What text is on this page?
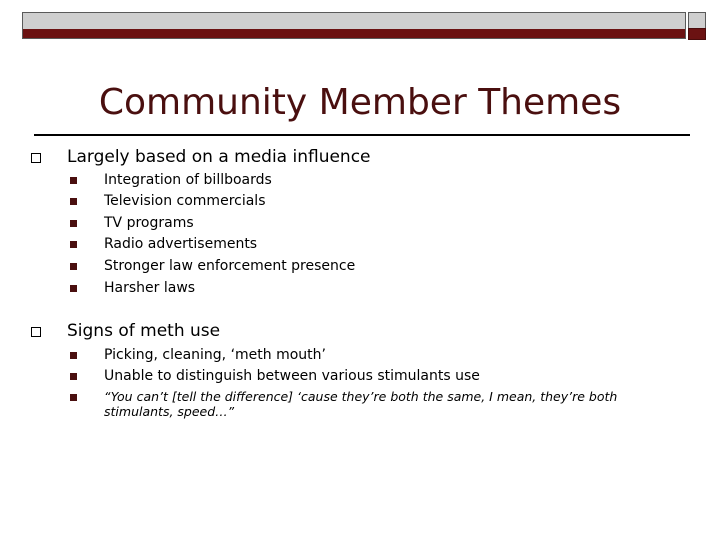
Community Member Themes
Largely based on a media influence
Integration of billboards
Television commercials
TV programs
Radio advertisements
Stronger law enforcement presence
Harsher laws
Signs of meth use
Picking, cleaning, ‘meth mouth’
Unable to distinguish between various stimulants use
“You can’t [tell the difference] ‘cause they’re both the same, I mean, they’re both stimulants, speed…”
